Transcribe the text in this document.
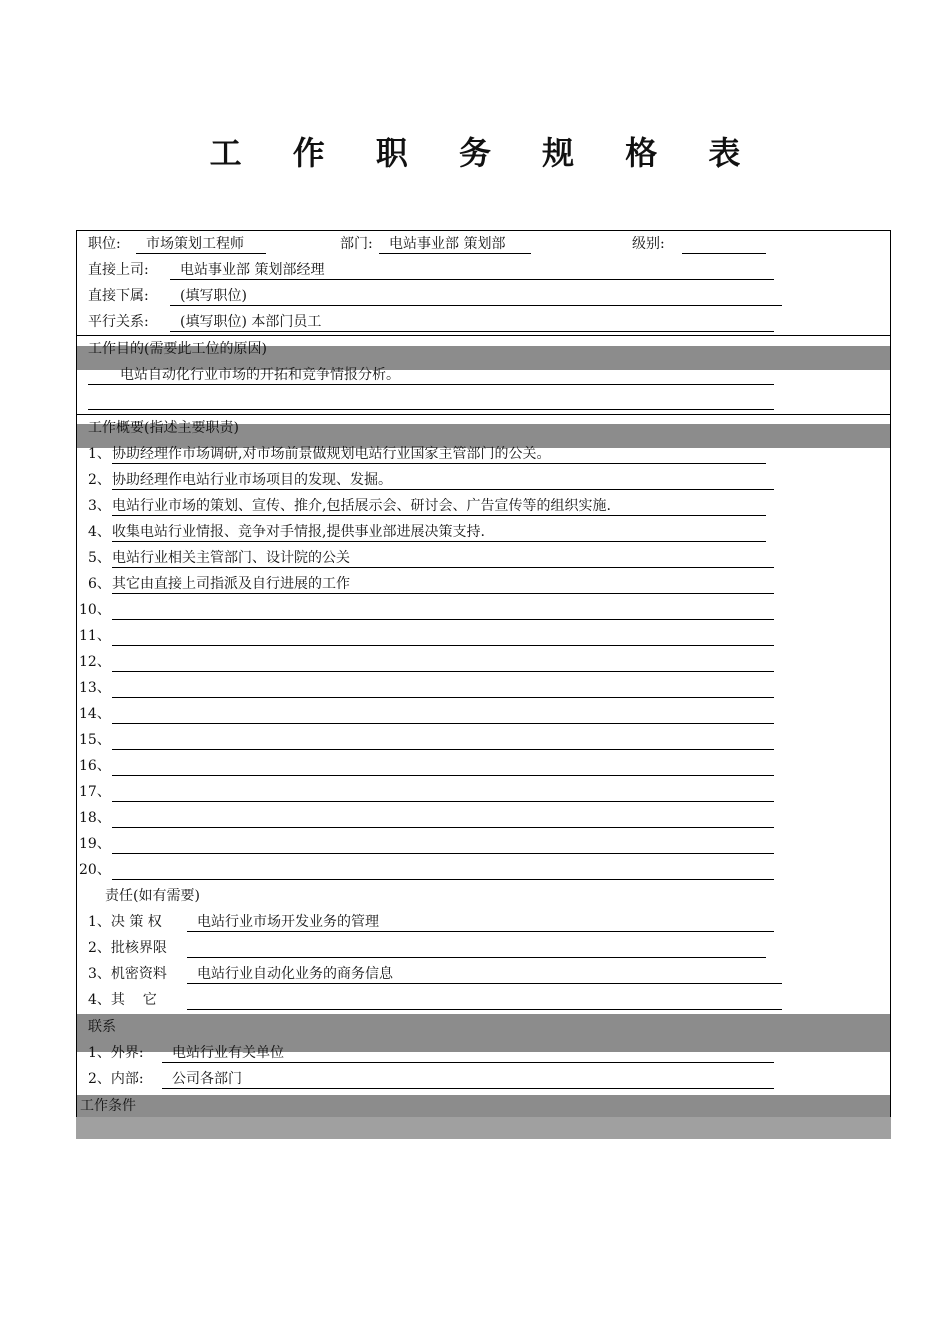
工 作 职 务 规 格 表
职位:	市场策划工程师	部门:	电站事业部 策划部	级别:
直接上司:	电站事业部 策划部经理
直接下属:	(填写职位)
平行关系:	(填写职位) 本部门员工
工作目的(需要此工位的原因)
电站自动化行业市场的开拓和竞争情报分析。
工作概要(指述主要职责)
1、 协助经理作市场调研,对市场前景做规划电站行业国家主管部门的公关。
2、 协助经理作电站行业市场项目的发现、发掘。
3、 电站行业市场的策划、宣传、推介,包括展示会、研讨会、广告宣传等的组织实施.
4、 收集电站行业情报、竞争对手情报,提供事业部进展决策支持.
5、 电站行业相关主管部门、设计院的公关
6、 其它由直接上司指派及自行进展的工作
10、
11、
12、
13、
14、
15、
16、
17、
18、
19、
20、
责任(如有需要)
1、决 策 权	电站行业市场开发业务的管理
2、批核界限
3、机密资料	电站行业自动化业务的商务信息
4、其    它
联系
1、外界:	电站行业有关单位
2、内部:	公司各部门
工作条件
